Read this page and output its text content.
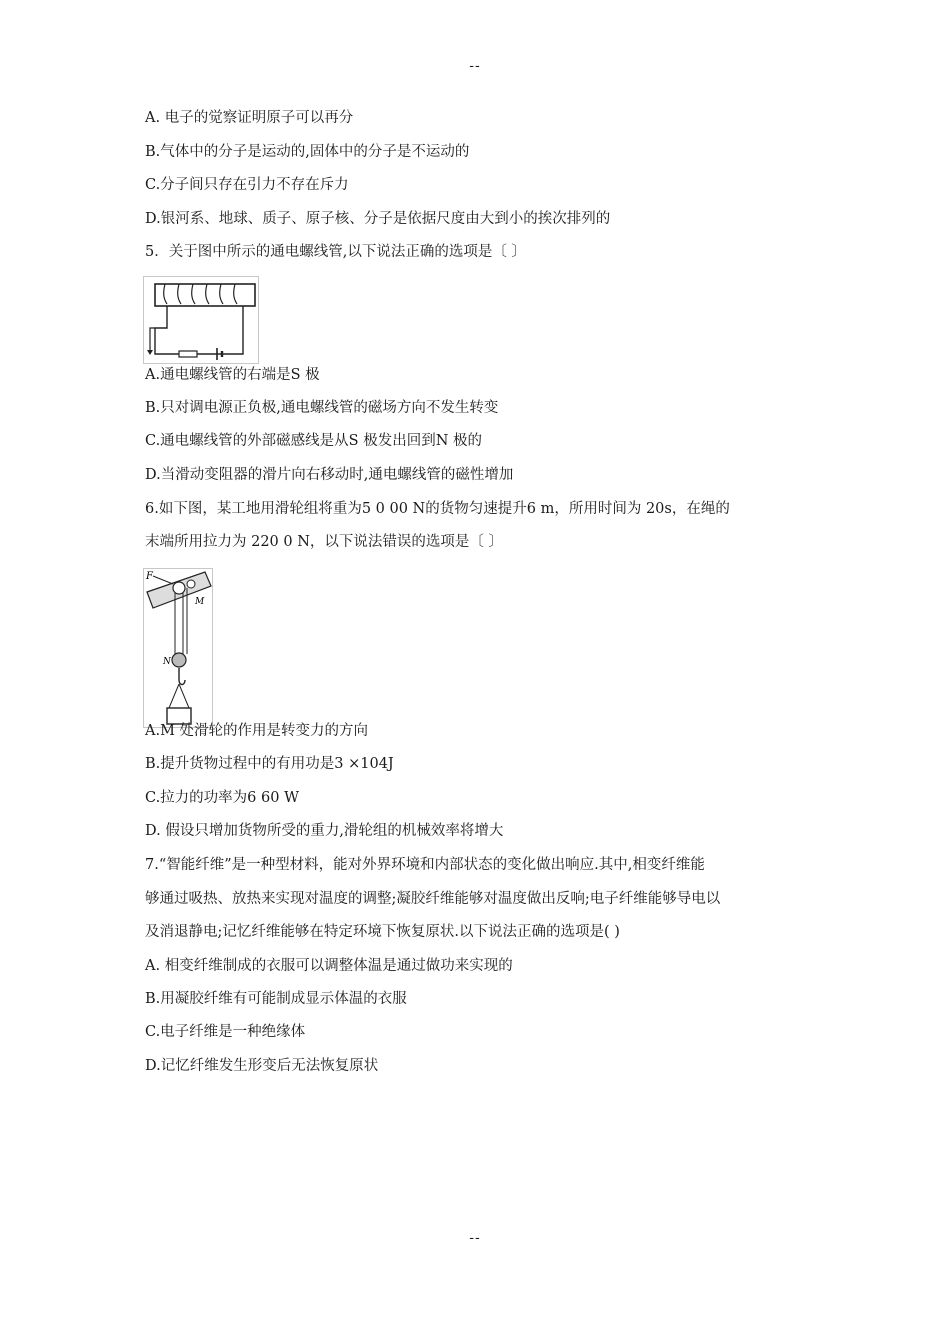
--
A. 电子的觉察证明原子可以再分
B.气体中的分子是运动的,固体中的分子是不运动的
C.分子间只存在引力不存在斥力
D.银河系、地球、质子、原子核、分子是依据尺度由大到小的挨次排列的
5．关于图中所示的通电螺线管,以下说法正确的选项是〔 〕
A.通电螺线管的右端是S 极
B.只对调电源正负极,通电螺线管的磁场方向不发生转变
C.通电螺线管的外部磁感线是从S 极发出回到N 极的
D.当滑动变阻器的滑片向右移动时,通电螺线管的磁性增加
6.如下图，某工地用滑轮组将重为5 0 00 N的货物匀速提升6 m，所用时间为 20s，在绳的
末端所用拉力为 220 0 N，以下说法错误的选项是〔 〕
F
M
N
A.M 处滑轮的作用是转变力的方向
B.提升货物过程中的有用功是3 ×104J
C.拉力的功率为6 60 W
D. 假设只增加货物所受的重力,滑轮组的机械效率将增大
7.“智能纤维”是一种型材料，能对外界环境和内部状态的变化做出响应.其中,相变纤维能
够通过吸热、放热来实现对温度的调整;凝胶纤维能够对温度做出反响;电子纤维能够导电以
及消退静电;记忆纤维能够在特定环境下恢复原状.以下说法正确的选项是( )
A. 相变纤维制成的衣服可以调整体温是通过做功来实现的
B.用凝胶纤维有可能制成显示体温的衣服
C.电子纤维是一种绝缘体
D.记忆纤维发生形变后无法恢复原状
--
